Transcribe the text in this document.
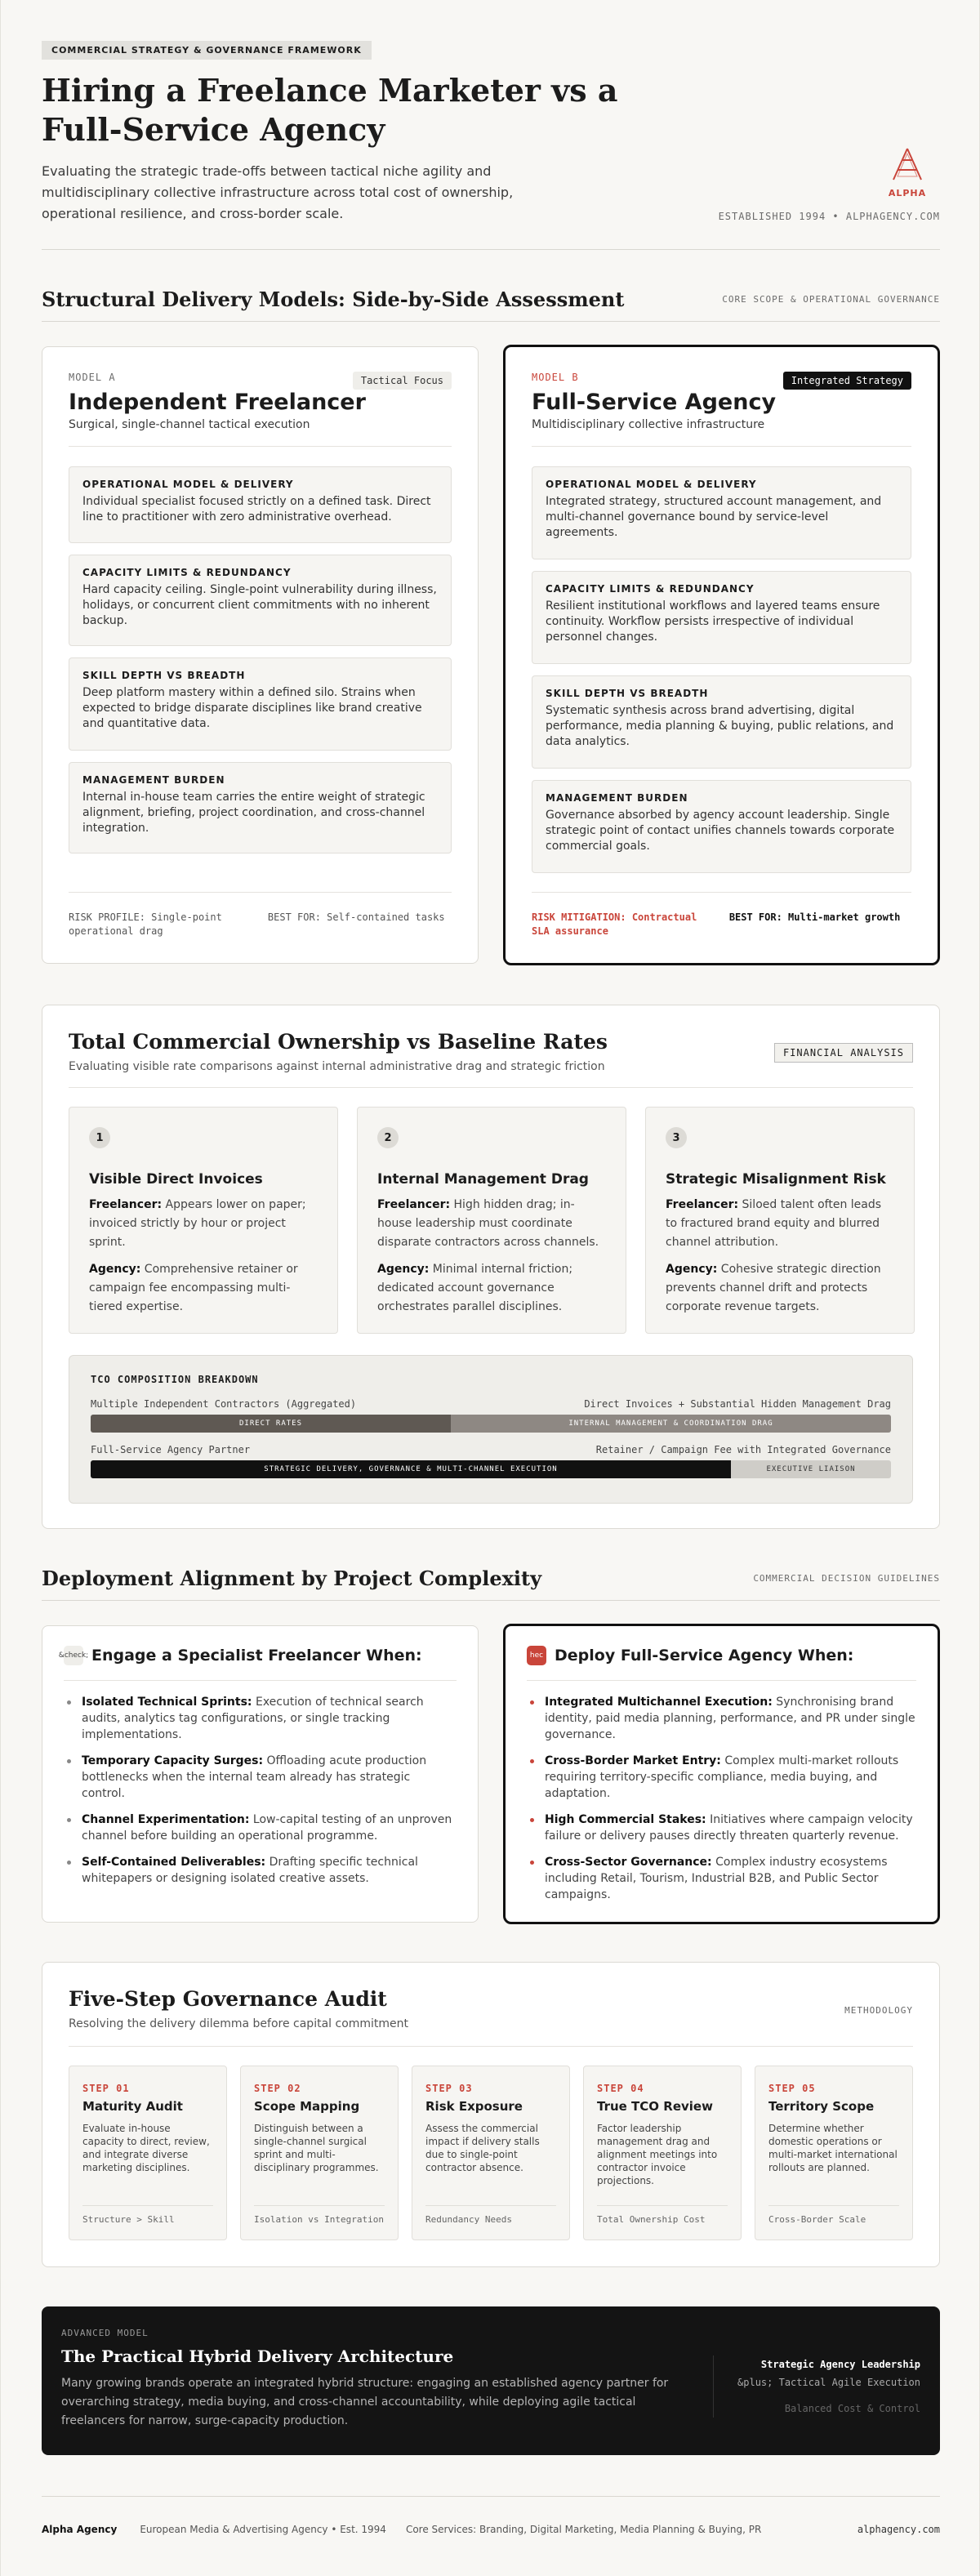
COMMERCIAL STRATEGY & GOVERNANCE FRAMEWORK
Hiring a Freelance Marketer vs a Full-Service Agency

Evaluating the strategic trade-offs between tactical niche agility and multidisciplinary collective infrastructure across total cost of ownership, operational resilience, and cross-border scale.

ALPHA
ESTABLISHED 1994 • ALPHAGENCY.COM
Structural Delivery Models: Side-by-Side Assessment	CORE SCOPE & OPERATIONAL GOVERNANCE
MODEL A	Tactical Focus
Independent Freelancer
Surgical, single-channel tactical execution
OPERATIONAL MODEL & DELIVERY
Individual specialist focused strictly on a defined task. Direct line to practitioner with zero administrative overhead.
CAPACITY LIMITS & REDUNDANCY
Hard capacity ceiling. Single-point vulnerability during illness, holidays, or concurrent client commitments with no inherent backup.
SKILL DEPTH VS BREADTH
Deep platform mastery within a defined silo. Strains when expected to bridge disparate disciplines like brand creative and quantitative data.
MANAGEMENT BURDEN
Internal in-house team carries the entire weight of strategic alignment, briefing, project coordination, and cross-channel integration.
RISK PROFILE: Single-point operational drag
BEST FOR: Self-contained tasks
MODEL B	Integrated Strategy
Full-Service Agency
Multidisciplinary collective infrastructure
OPERATIONAL MODEL & DELIVERY
Integrated strategy, structured account management, and multi-channel governance bound by service-level agreements.
CAPACITY LIMITS & REDUNDANCY
Resilient institutional workflows and layered teams ensure continuity. Workflow persists irrespective of individual personnel changes.
SKILL DEPTH VS BREADTH
Systematic synthesis across brand advertising, digital performance, media planning & buying, public relations, and data analytics.
MANAGEMENT BURDEN
Governance absorbed by agency account leadership. Single strategic point of contact unifies channels towards corporate commercial goals.
RISK MITIGATION: Contractual SLA assurance
BEST FOR: Multi-market growth
Total Commercial Ownership vs Baseline Rates
Evaluating visible rate comparisons against internal administrative drag and strategic friction
FINANCIAL ANALYSIS
1
Visible Direct Invoices

Freelancer: Appears lower on paper; invoiced strictly by hour or project sprint.

Agency: Comprehensive retainer or campaign fee encompassing multi-tiered expertise.

2
Internal Management Drag

Freelancer: High hidden drag; in-house leadership must coordinate disparate contractors across channels.

Agency: Minimal internal friction; dedicated account governance orchestrates parallel disciplines.

3
Strategic Misalignment Risk

Freelancer: Siloed talent often leads to fractured brand equity and blurred channel attribution.

Agency: Cohesive strategic direction prevents channel drift and protects corporate revenue targets.

TCO COMPOSITION BREAKDOWN
Multiple Independent Contractors (Aggregated)	Direct Invoices + Substantial Hidden Management Drag
DIRECT RATES	INTERNAL MANAGEMENT & COORDINATION DRAG
Full-Service Agency Partner	Retainer / Campaign Fee with Integrated Governance
STRATEGIC DELIVERY, GOVERNANCE & MULTI-CHANNEL EXECUTION	EXECUTIVE LIAISON
Deployment Alignment by Project Complexity	COMMERCIAL DECISION GUIDELINES
&check; Engage a Specialist Freelancer When:
Isolated Technical Sprints: Execution of technical search audits, analytics tag configurations, or single tracking implementations.
Temporary Capacity Surges: Offloading acute production bottlenecks when the internal team already has strategic control.
Channel Experimentation: Low-capital testing of an unproven channel before building an operational programme.
Self-Contained Deliverables: Drafting specific technical whitepapers or designing isolated creative assets.
hec Deploy Full-Service Agency When:
Integrated Multichannel Execution: Synchronising brand identity, paid media planning, performance, and PR under single governance.
Cross-Border Market Entry: Complex multi-market rollouts requiring territory-specific compliance, media buying, and adaptation.
High Commercial Stakes: Initiatives where campaign velocity failure or delivery pauses directly threaten quarterly revenue.
Cross-Sector Governance: Complex industry ecosystems including Retail, Tourism, Industrial B2B, and Public Sector campaigns.
Five-Step Governance Audit
Resolving the delivery dilemma before capital commitment
METHODOLOGY
STEP 01
Maturity Audit
Evaluate in-house capacity to direct, review, and integrate diverse marketing disciplines.
Structure > Skill
STEP 02
Scope Mapping
Distinguish between a single-channel surgical sprint and multi-disciplinary programmes.
Isolation vs Integration
STEP 03
Risk Exposure
Assess the commercial impact if delivery stalls due to single-point contractor absence.
Redundancy Needs
STEP 04
True TCO Review
Factor leadership management drag and alignment meetings into contractor invoice projections.
Total Ownership Cost
STEP 05
Territory Scope
Determine whether domestic operations or multi-market international rollouts are planned.
Cross-Border Scale
ADVANCED MODEL
The Practical Hybrid Delivery Architecture
Many growing brands operate an integrated hybrid structure: engaging an established agency partner for overarching strategy, media buying, and cross-channel accountability, while deploying agile tactical freelancers for narrow, surge-capacity production.
Strategic Agency Leadership
&plus; Tactical Agile Execution
Balanced Cost & Control
Alpha Agency European Media & Advertising Agency • Est. 1994 Core Services: Branding, Digital Marketing, Media Planning & Buying, PR	alphagency.com
